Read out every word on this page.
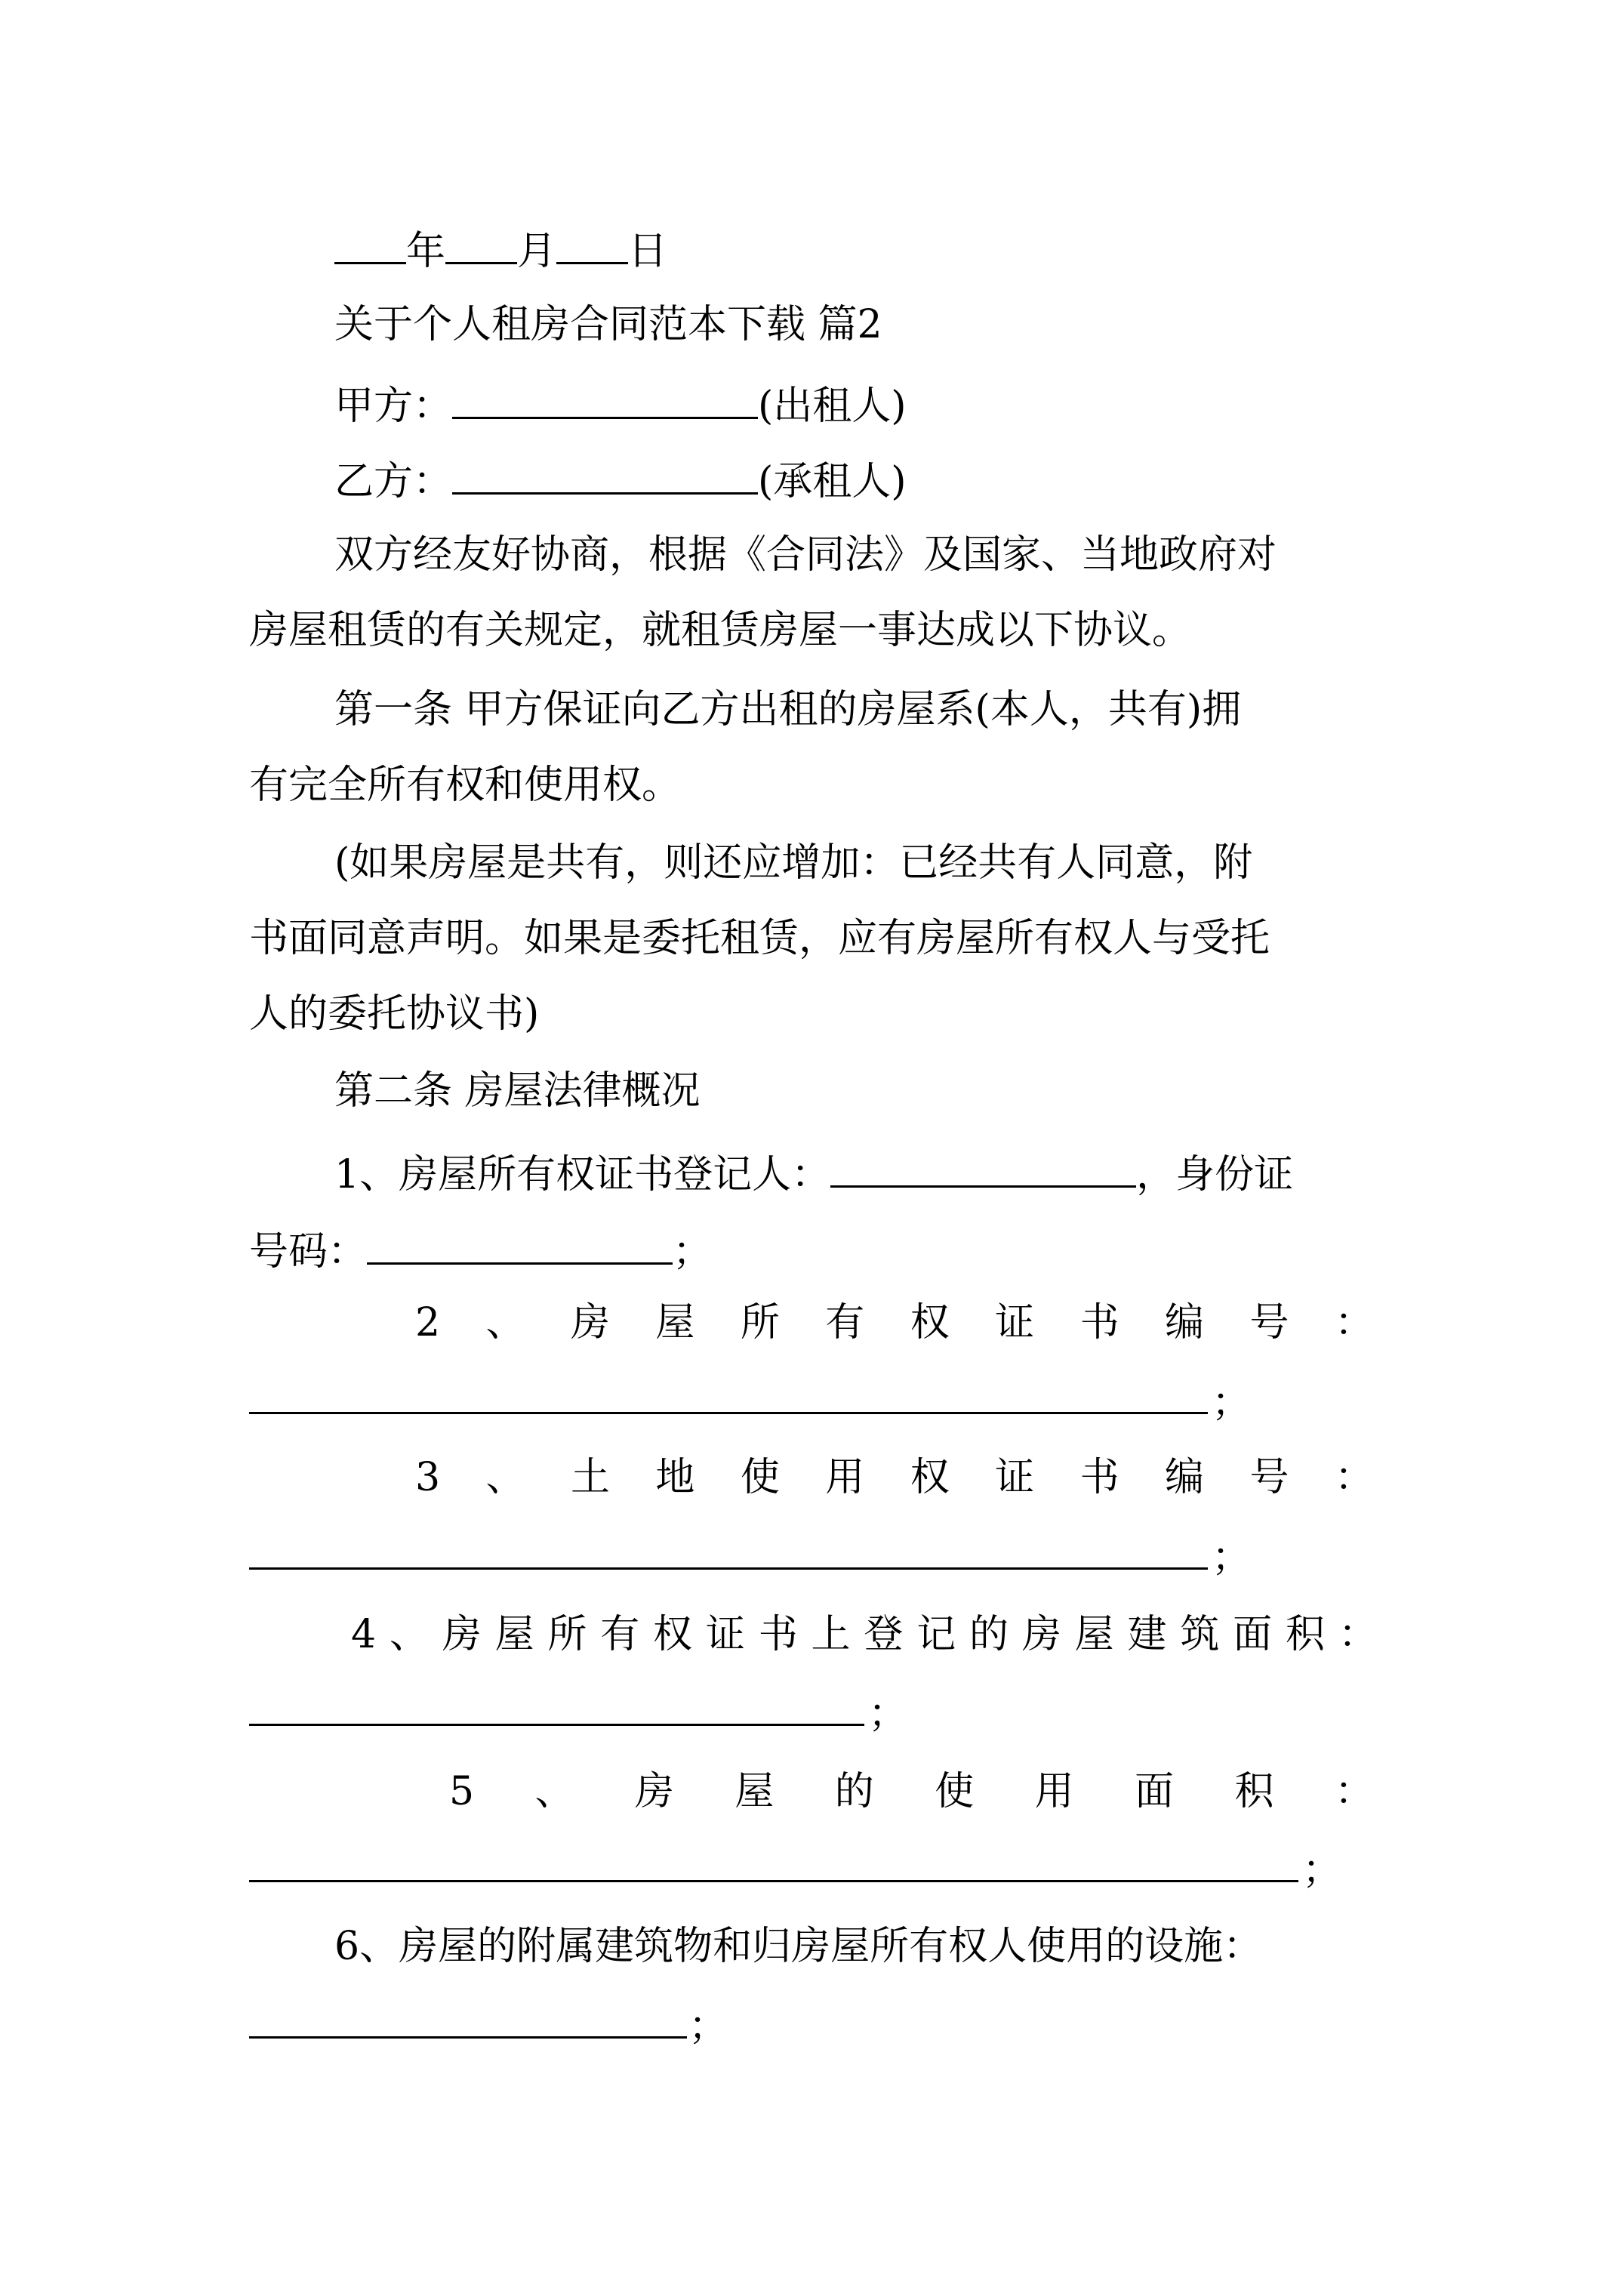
年 月 日
关于个人租房合同范本下载 篇2
甲方：	(出租人)
乙方：	(承租人)
双方经友好协商，根据《合同法》及国家、当地政府对
房屋租赁的有关规定，就租赁房屋一事达成以下协议。
第一条 甲方保证向乙方出租的房屋系(本人，共有)拥
有完全所有权和使用权。
(如果房屋是共有，则还应增加：已经共有人同意，附
书面同意声明。如果是委托租赁，应有房屋所有权人与受托
人的委托协议书)
第二条 房屋法律概况
1、房屋所有权证书登记人：	，身份证
号码：	；
2 、 房 屋 所 有 权 证 书 编 号 ：
；
3 、 土 地 使 用 权 证 书 编 号 ：
；
4 、 房 屋 所 有 权 证 书 上 登 记 的 房 屋 建 筑 面 积 ：
；
5 、 房 屋 的 使 用 面 积 ：
；
6、房屋的附属建筑物和归房屋所有权人使用的设施：
；
